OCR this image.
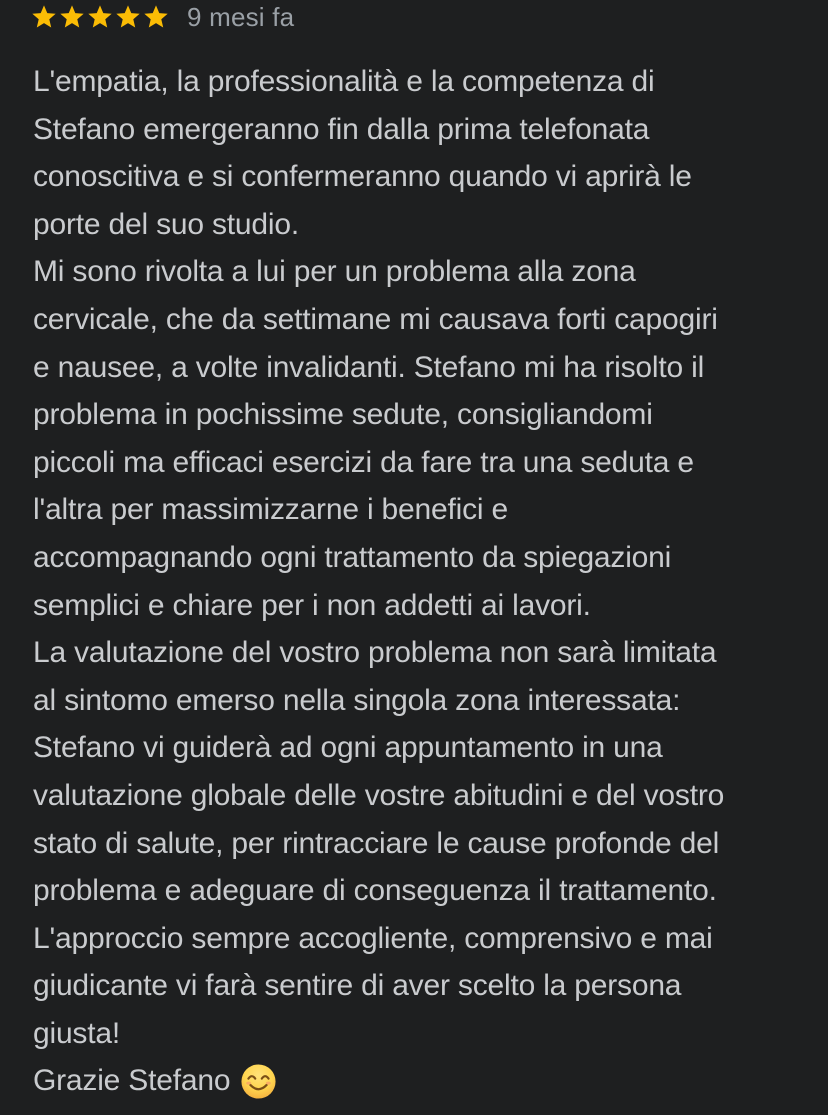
9 mesi fa
L'empatia, la professionalità e la competenza di
Stefano emergeranno fin dalla prima telefonata
conoscitiva e si confermeranno quando vi aprirà le
porte del suo studio.
Mi sono rivolta a lui per un problema alla zona
cervicale, che da settimane mi causava forti capogiri
e nausee, a volte invalidanti. Stefano mi ha risolto il
problema in pochissime sedute, consigliandomi
piccoli ma efficaci esercizi da fare tra una seduta e
l'altra per massimizzarne i benefici e
accompagnando ogni trattamento da spiegazioni
semplici e chiare per i non addetti ai lavori.
La valutazione del vostro problema non sarà limitata
al sintomo emerso nella singola zona interessata:
Stefano vi guiderà ad ogni appuntamento in una
valutazione globale delle vostre abitudini e del vostro
stato di salute, per rintracciare le cause profonde del
problema e adeguare di conseguenza il trattamento.
L'approccio sempre accogliente, comprensivo e mai
giudicante vi farà sentire di aver scelto la persona
giusta!
Grazie Stefano
